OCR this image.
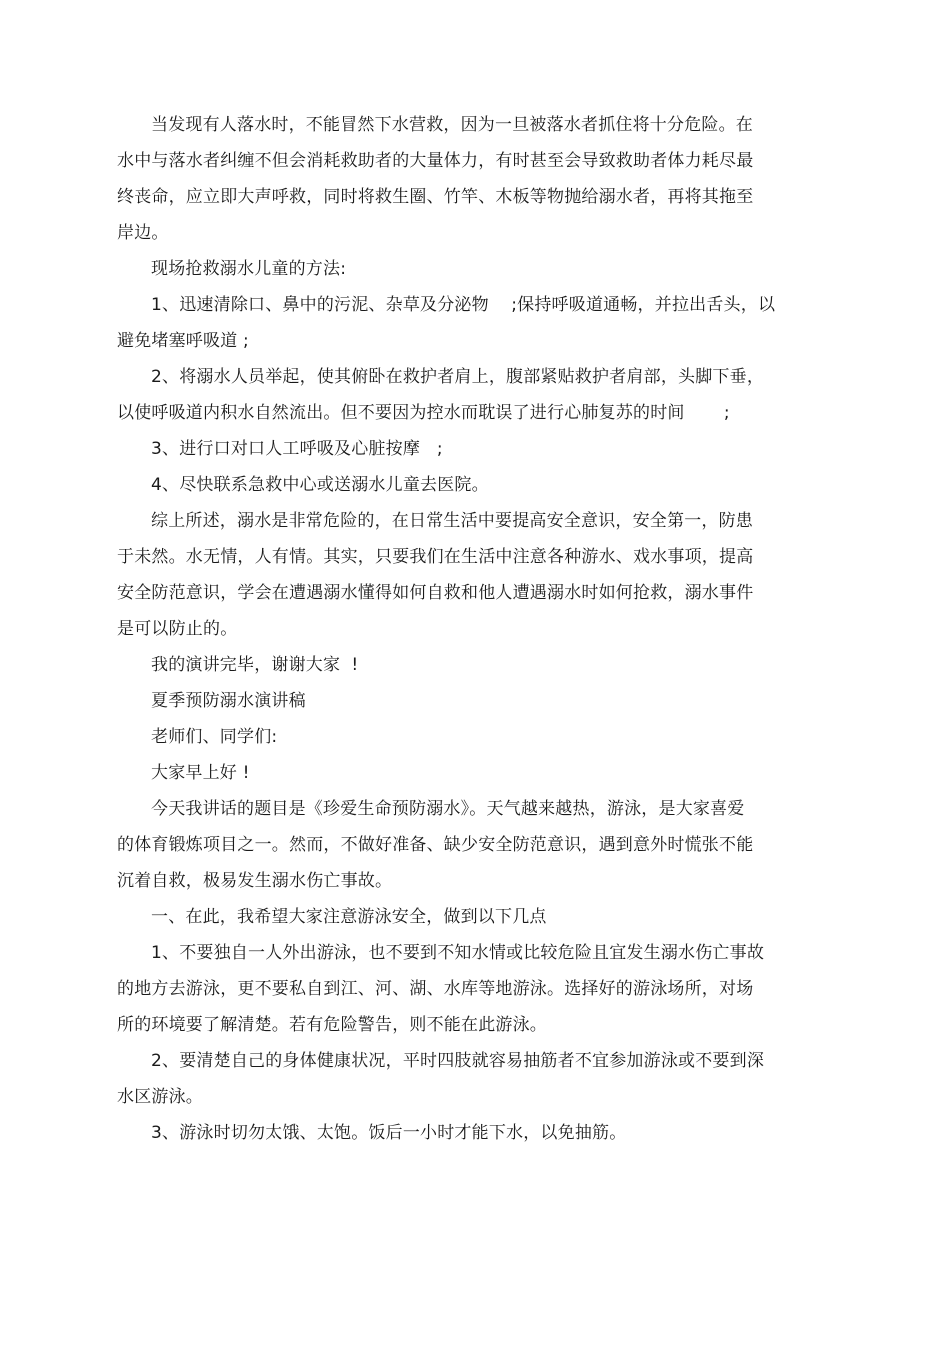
当发现有人落水时，不能冒然下水营救，因为一旦被落水者抓住将十分危险。在
水中与落水者纠缠不但会消耗救助者的大量体力，有时甚至会导致救助者体力耗尽最
终丧命，应立即大声呼救，同时将救生圈、竹竿、木板等物抛给溺水者，再将其拖至
岸边。
现场抢救溺水儿童的方法:
1、迅速清除口、鼻中的污泥、杂草及分泌物    ;保持呼吸道通畅，并拉出舌头，以
避免堵塞呼吸道 ;
2、将溺水人员举起，使其俯卧在救护者肩上，腹部紧贴救护者肩部，头脚下垂，
以使呼吸道内积水自然流出。但不要因为控水而耽误了进行心肺复苏的时间       ;
3、进行口对口人工呼吸及心脏按摩   ;
4、尽快联系急救中心或送溺水儿童去医院。
综上所述，溺水是非常危险的，在日常生活中要提高安全意识，安全第一，防患
于未然。水无情，人有情。其实，只要我们在生活中注意各种游水、戏水事项，提高
安全防范意识，学会在遭遇溺水懂得如何自救和他人遭遇溺水时如何抢救，溺水事件
是可以防止的。
我的演讲完毕，谢谢大家  !
夏季预防溺水演讲稿
老师们、同学们:
大家早上好 !
今天我讲话的题目是《珍爱生命预防溺水》。天气越来越热，游泳，是大家喜爱
的体育锻炼项目之一。然而，不做好准备、缺少安全防范意识，遇到意外时慌张不能
沉着自救，极易发生溺水伤亡事故。
一、在此，我希望大家注意游泳安全，做到以下几点
1、不要独自一人外出游泳，也不要到不知水情或比较危险且宜发生溺水伤亡事故
的地方去游泳，更不要私自到江、河、湖、水库等地游泳。选择好的游泳场所，对场
所的环境要了解清楚。若有危险警告，则不能在此游泳。
2、要清楚自己的身体健康状况，平时四肢就容易抽筋者不宜参加游泳或不要到深
水区游泳。
3、游泳时切勿太饿、太饱。饭后一小时才能下水，以免抽筋。
